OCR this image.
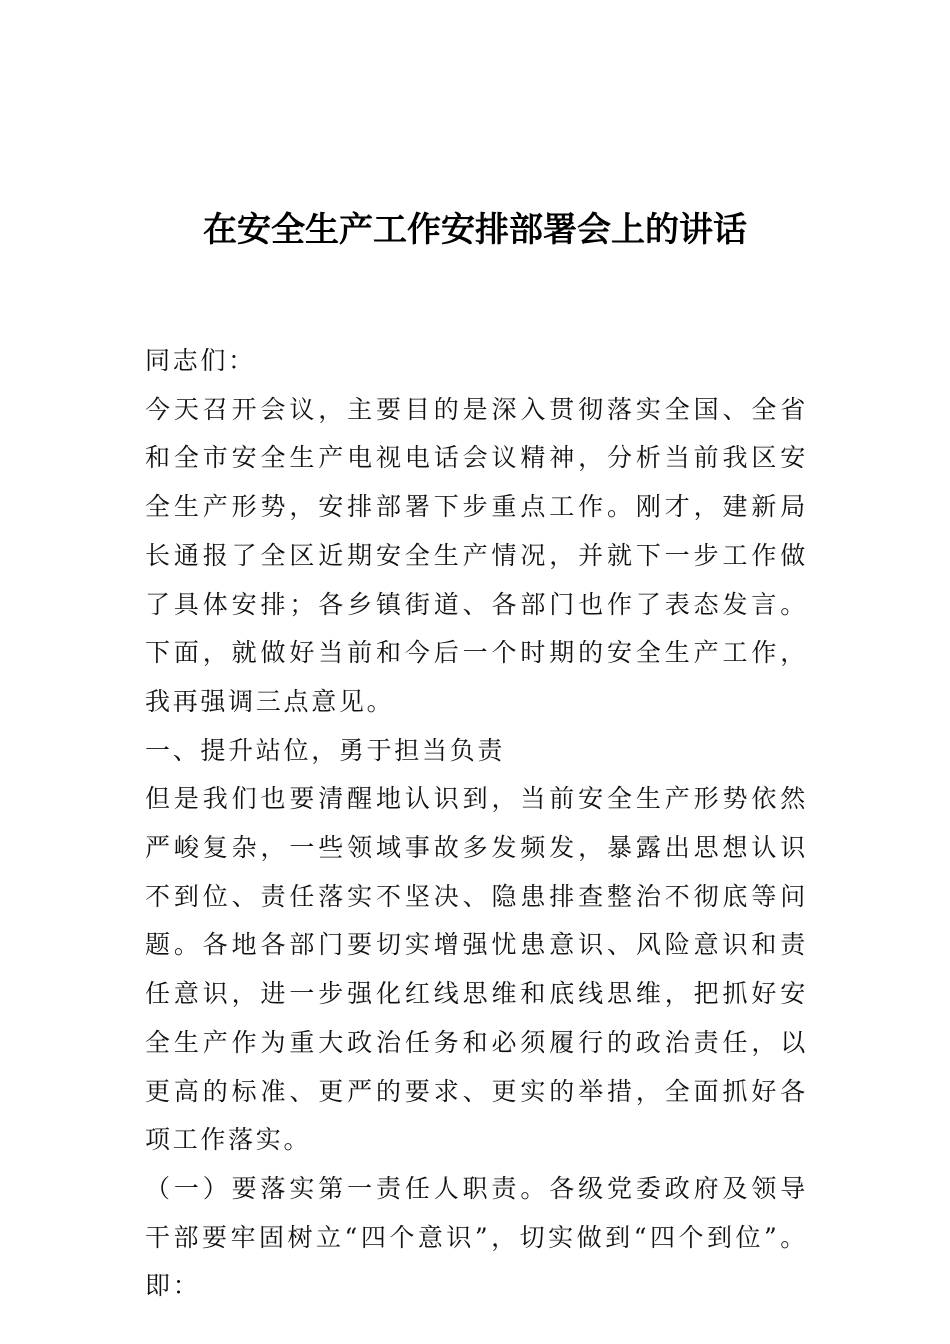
在安全生产工作安排部署会上的讲话

同志们：

今天召开会议，主要目的是深入贯彻落实全国、全省和全市安全生产电视电话会议精神，分析当前我区安全生产形势，安排部署下步重点工作。刚才，建新局长通报了全区近期安全生产情况，并就下一步工作做了具体安排；各乡镇街道、各部门也作了表态发言。下面，就做好当前和今后一个时期的安全生产工作，我再强调三点意见。

一、提升站位，勇于担当负责

但是我们也要清醒地认识到，当前安全生产形势依然严峻复杂，一些领域事故多发频发，暴露出思想认识不到位、责任落实不坚决、隐患排查整治不彻底等问题。各地各部门要切实增强忧患意识、风险意识和责任意识，进一步强化红线思维和底线思维，把抓好安全生产作为重大政治任务和必须履行的政治责任，以更高的标准、更严的要求、更实的举措，全面抓好各项工作落实。

（一）要落实第一责任人职责。各级党委政府及领导干部要牢固树立“四个意识”，切实做到“四个到位”。即：
